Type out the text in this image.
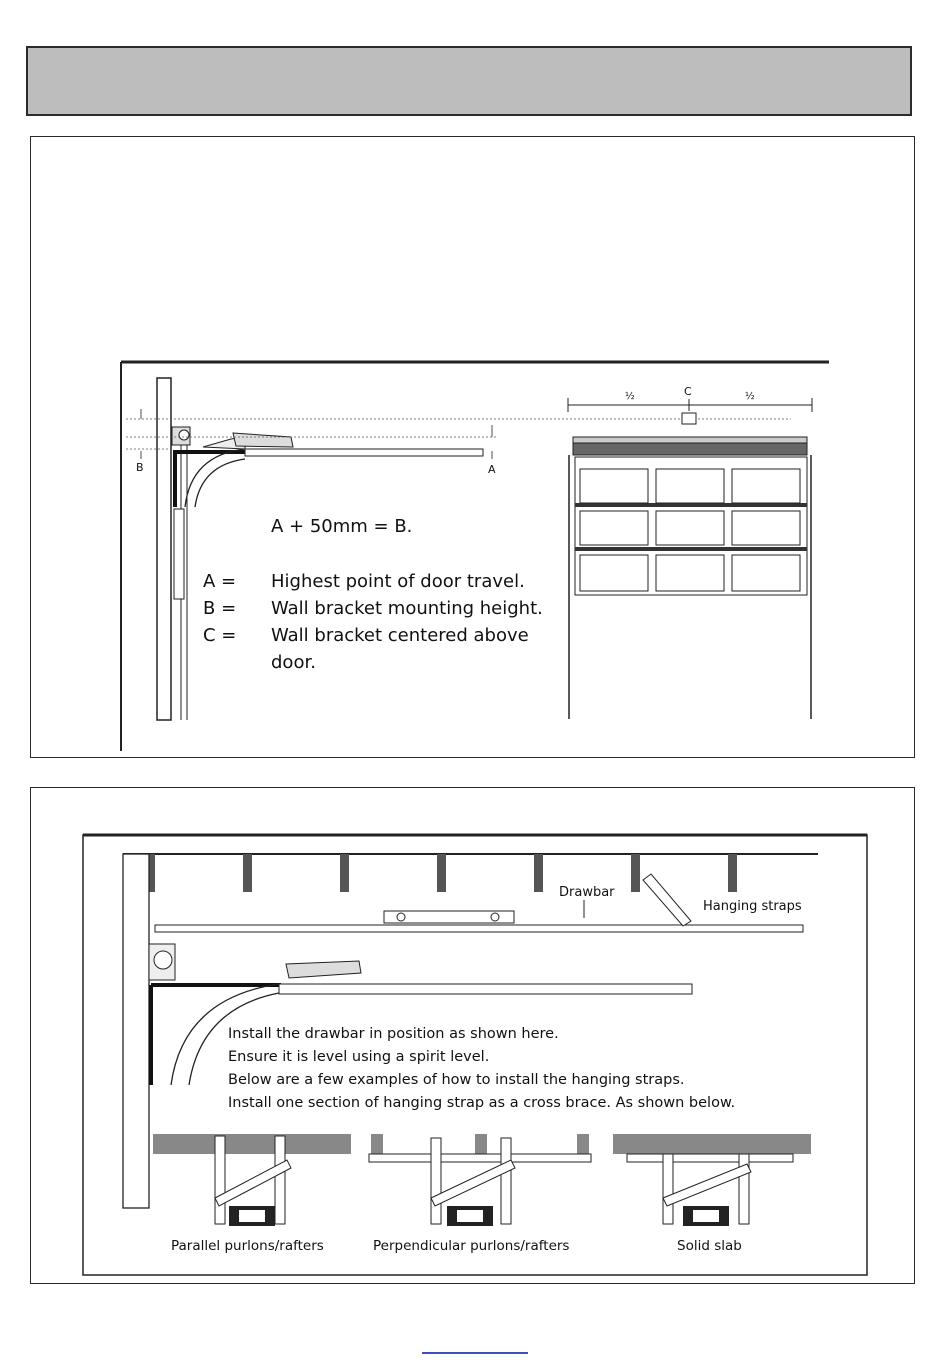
B	A
½	½
C
A + 50mm = B.
A = Highest point of door travel.
B = Wall bracket mounting height.
C = Wall bracket centered above
door.
Drawbar
Hanging straps
Install the drawbar in position as shown here.
Ensure it is level using a spirit level.
Below are a few examples of how to install the hanging straps.
Install one section of hanging strap as a cross brace. As shown below.
Parallel purlons/rafters	Perpendicular purlons/rafters	Solid slab
